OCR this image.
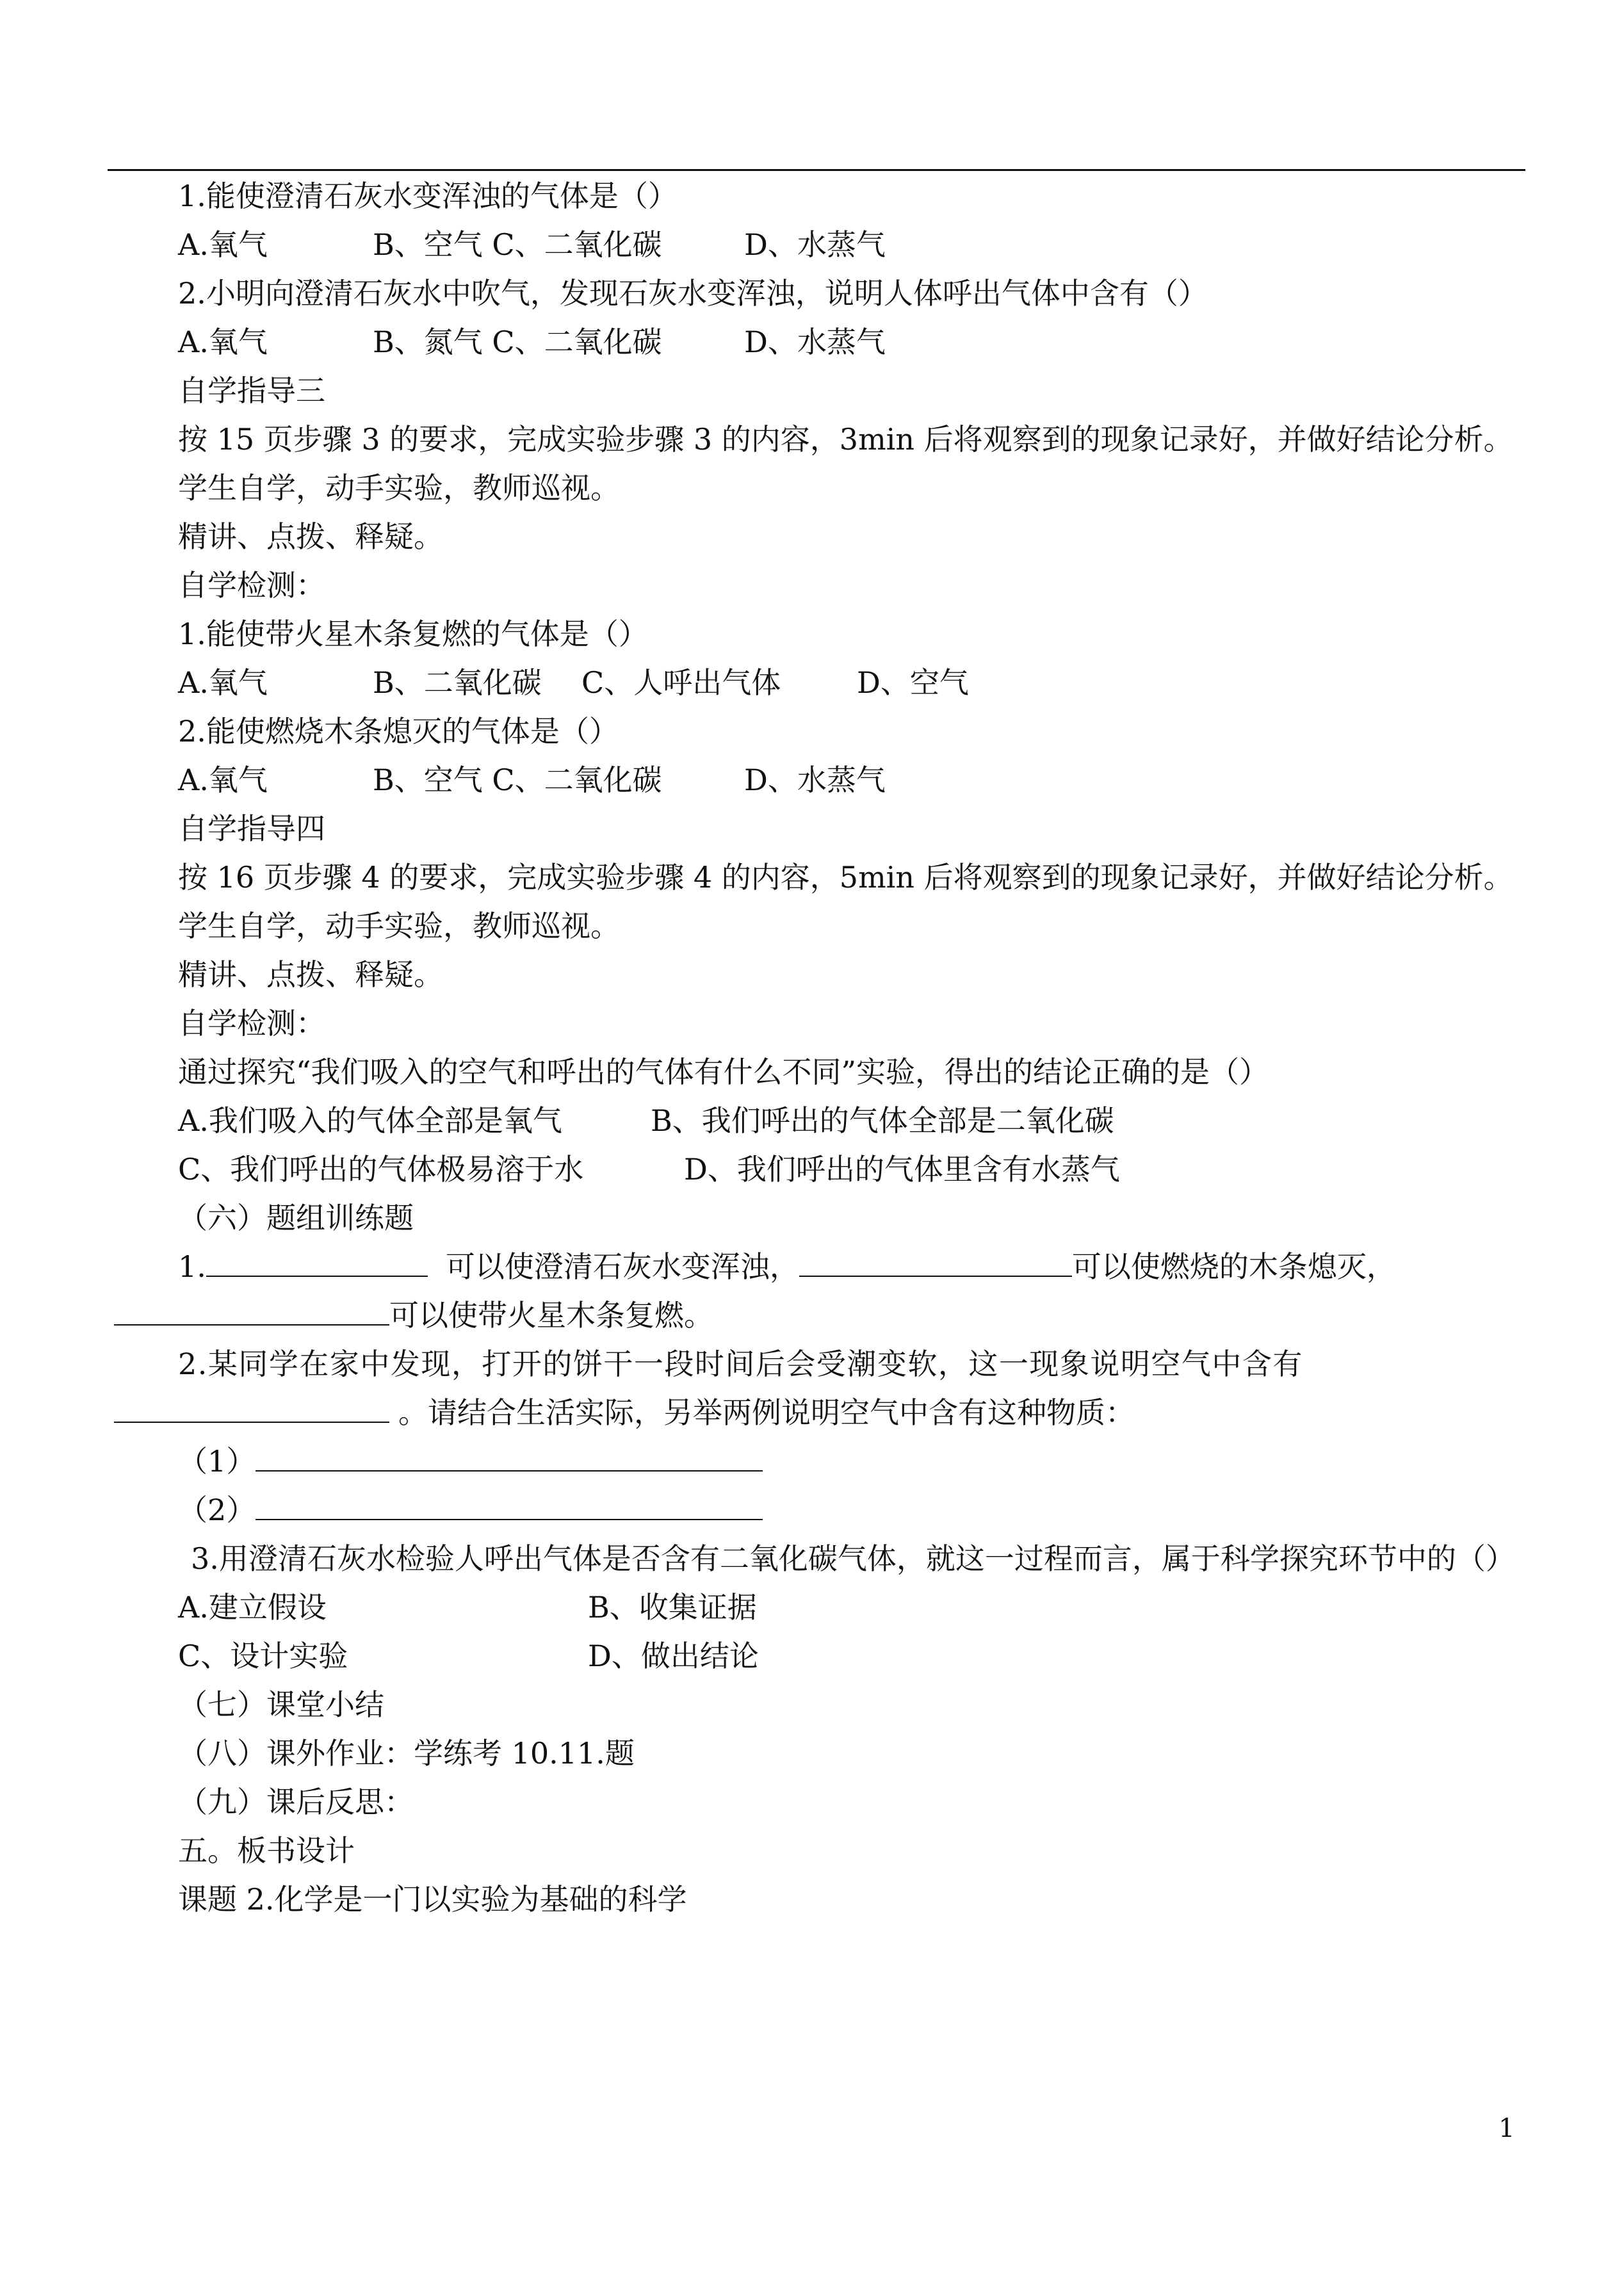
1.能使澄清石灰水变浑浊的气体是（）

A.氧气

	B、空气 C、二氧化碳

	D、水蒸气

2.小明向澄清石灰水中吹气，发现石灰水变浑浊，说明人体呼出气体中含有（）

A.氧气

	B、氮气 C、二氧化碳

	D、水蒸气

自学指导三
按 15 页步骤 3 的要求，完成实验步骤 3 的内容，3min 后将观察到的现象记录好，并做好结论分析。
学生自学，动手实验，教师巡视。
精讲、点拨、释疑。
自学检测：
1.能使带火星木条复燃的气体是（）

A.氧气

	B、二氧化碳

C、人呼出气体

	D、空气

2.能使燃烧木条熄灭的气体是（）

A.氧气

	B、空气 C、二氧化碳

	D、水蒸气

自学指导四
按 16 页步骤 4 的要求，完成实验步骤 4 的内容，5min 后将观察到的现象记录好，并做好结论分析。
学生自学，动手实验，教师巡视。
精讲、点拨、释疑。
自学检测：
通过探究“我们吸入的空气和呼出的气体有什么不同”实验，得出的结论正确的是（）

A.我们吸入的气体全部是氧气

	B、我们呼出的气体全部是二氧化碳

C、我们呼出的气体极易溶于水

	D、我们呼出的气体里含有水蒸气

（六）题组训练题
1.	可以使澄清石灰水变浑浊，	可以使燃烧的木条熄灭，
可以使带火星木条复燃。
2.某同学在家中发现，打开的饼干一段时间后会受潮变软，这一现象说明空气中含有
。请结合生活实际，另举两例说明空气中含有这种物质：
（1）
（2）
3.用澄清石灰水检验人呼出气体是否含有二氧化碳气体，就这一过程而言，属于科学探究环节中的（）

A.建立假设

	B、收集证据

C、设计实验

	D、做出结论

（七）课堂小结
（八）课外作业：学练考 10.11.题
（九）课后反思：
五。板书设计
课题 2.化学是一门以实验为基础的科学
1
